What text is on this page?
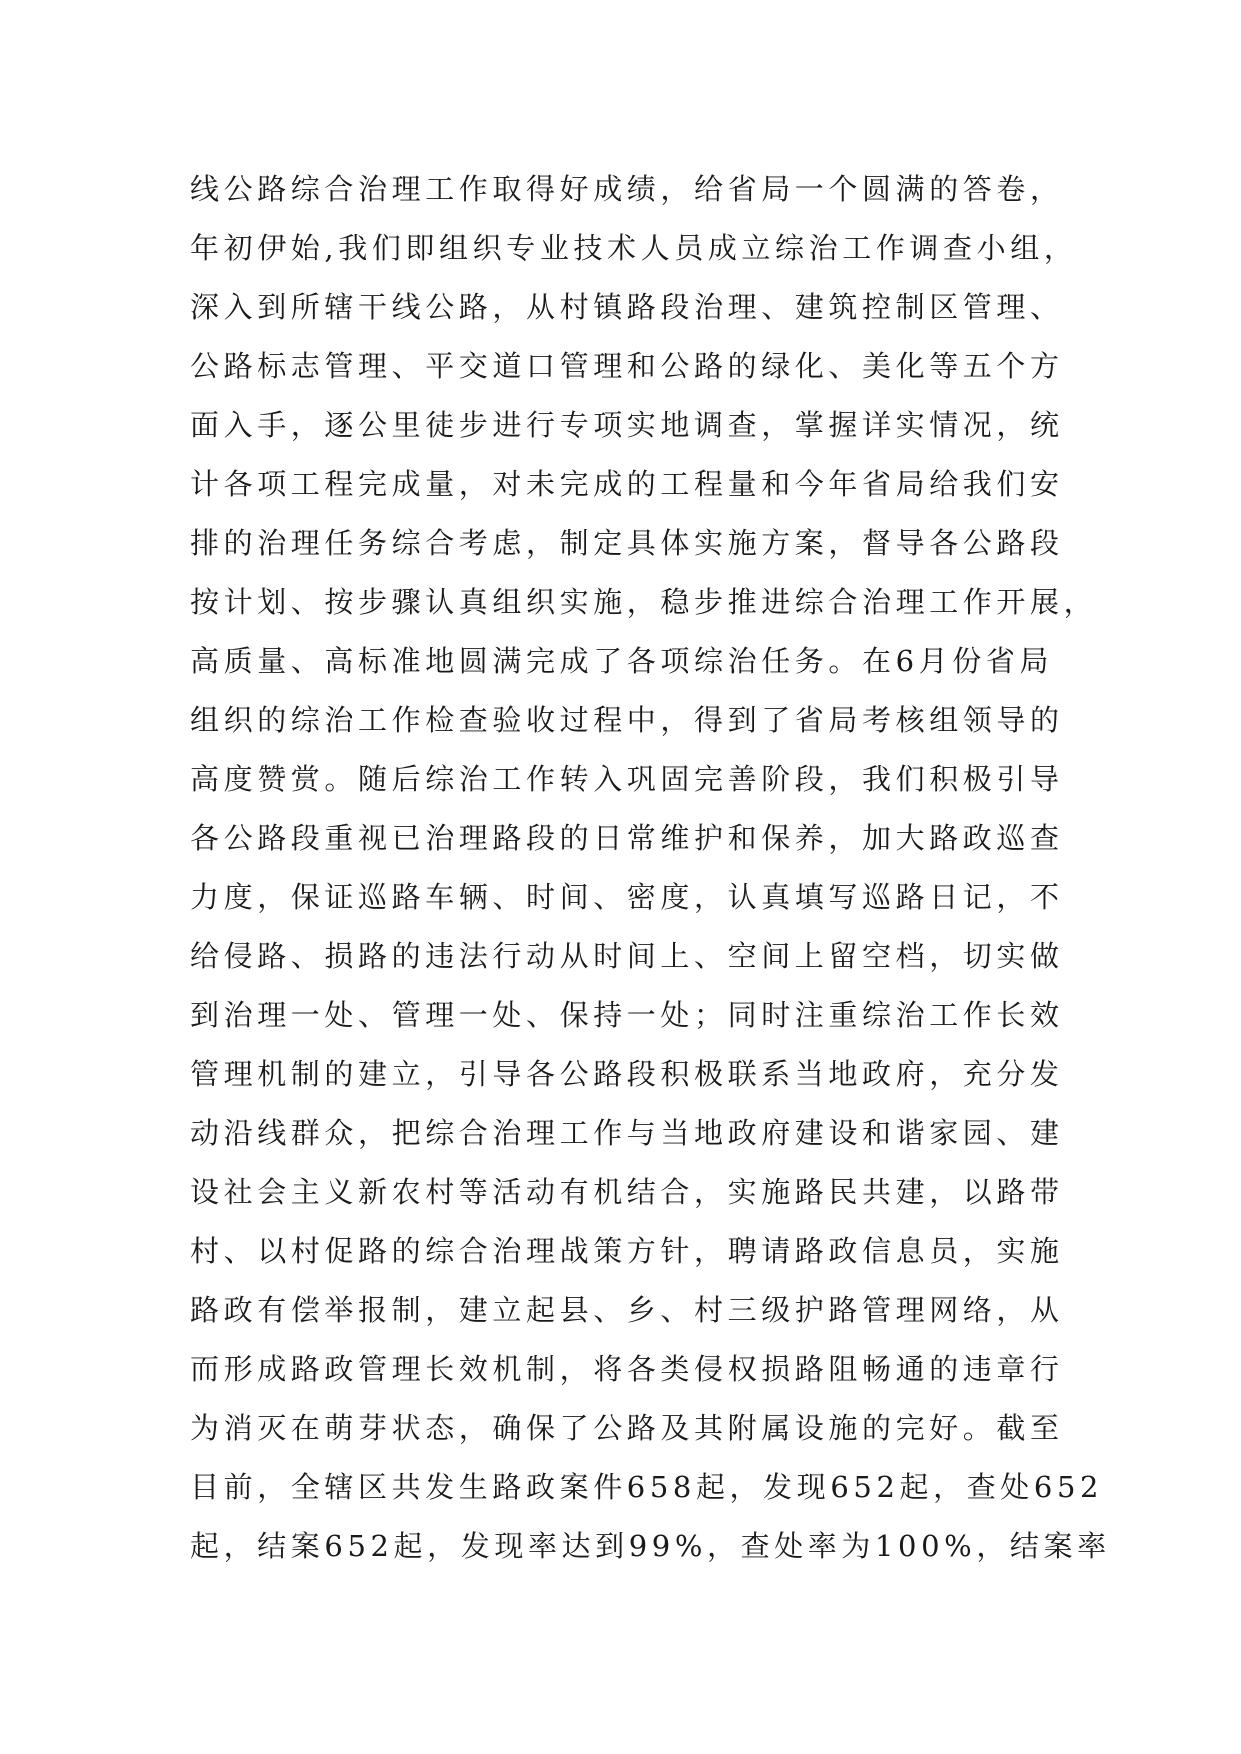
线公路综合治理工作取得好成绩，给省局一个圆满的答卷，
年初伊始,我们即组织专业技术人员成立综治工作调查小组，
深入到所辖干线公路，从村镇路段治理、建筑控制区管理、
公路标志管理、平交道口管理和公路的绿化、美化等五个方
面入手，逐公里徒步进行专项实地调查，掌握详实情况，统
计各项工程完成量，对未完成的工程量和今年省局给我们安
排的治理任务综合考虑，制定具体实施方案，督导各公路段
按计划、按步骤认真组织实施，稳步推进综合治理工作开展，
高质量、高标准地圆满完成了各项综治任务。在6月份省局
组织的综治工作检查验收过程中，得到了省局考核组领导的
高度赞赏。随后综治工作转入巩固完善阶段，我们积极引导
各公路段重视已治理路段的日常维护和保养，加大路政巡查
力度，保证巡路车辆、时间、密度，认真填写巡路日记，不
给侵路、损路的违法行动从时间上、空间上留空档，切实做
到治理一处、管理一处、保持一处；同时注重综治工作长效
管理机制的建立，引导各公路段积极联系当地政府，充分发
动沿线群众，把综合治理工作与当地政府建设和谐家园、建
设社会主义新农村等活动有机结合，实施路民共建，以路带
村、以村促路的综合治理战策方针，聘请路政信息员，实施
路政有偿举报制，建立起县、乡、村三级护路管理网络，从
而形成路政管理长效机制，将各类侵权损路阻畅通的违章行
为消灭在萌芽状态，确保了公路及其附属设施的完好。截至
目前，全辖区共发生路政案件658起，发现652起，查处652
起，结案652起，发现率达到99%，查处率为100%，结案率
